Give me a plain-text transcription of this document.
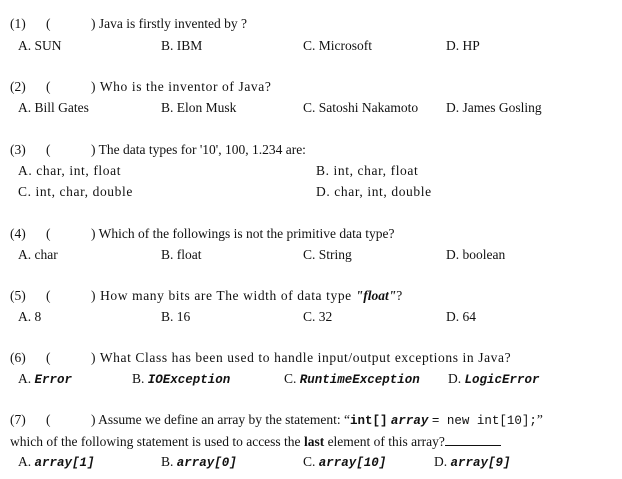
(1) (	) Java is firstly invented by ?
A. SUN	B. IBM	C. Microsoft	D. HP
(2) (	) Who is the inventor of Java?
A. Bill Gates	B. Elon Musk	C. Satoshi Nakamoto D. James Gosling
(3) (	) The data types for '10', 100, 1.234 are:
A. char, int, float	B. int, char, float
C. int, char, double	D. char, int, double
(4) (	) Which of the followings is not the primitive data type?
A. char	B. float	C. String	D. boolean
(5) (	) How many bits are The width of data type "float"?
A. 8	B. 16	C. 32	D. 64
(6) (	) What Class has been used to handle input/output exceptions in Java?
A. Error	B. IOException	C. RuntimeException D. LogicError
(7) (	) Assume we define an array by the statement: “int[] array = new int[10];”
which of the following statement is used to access the last element of this array?
A. array[1]	B. array[0]	C. array[10]	D. array[9]
